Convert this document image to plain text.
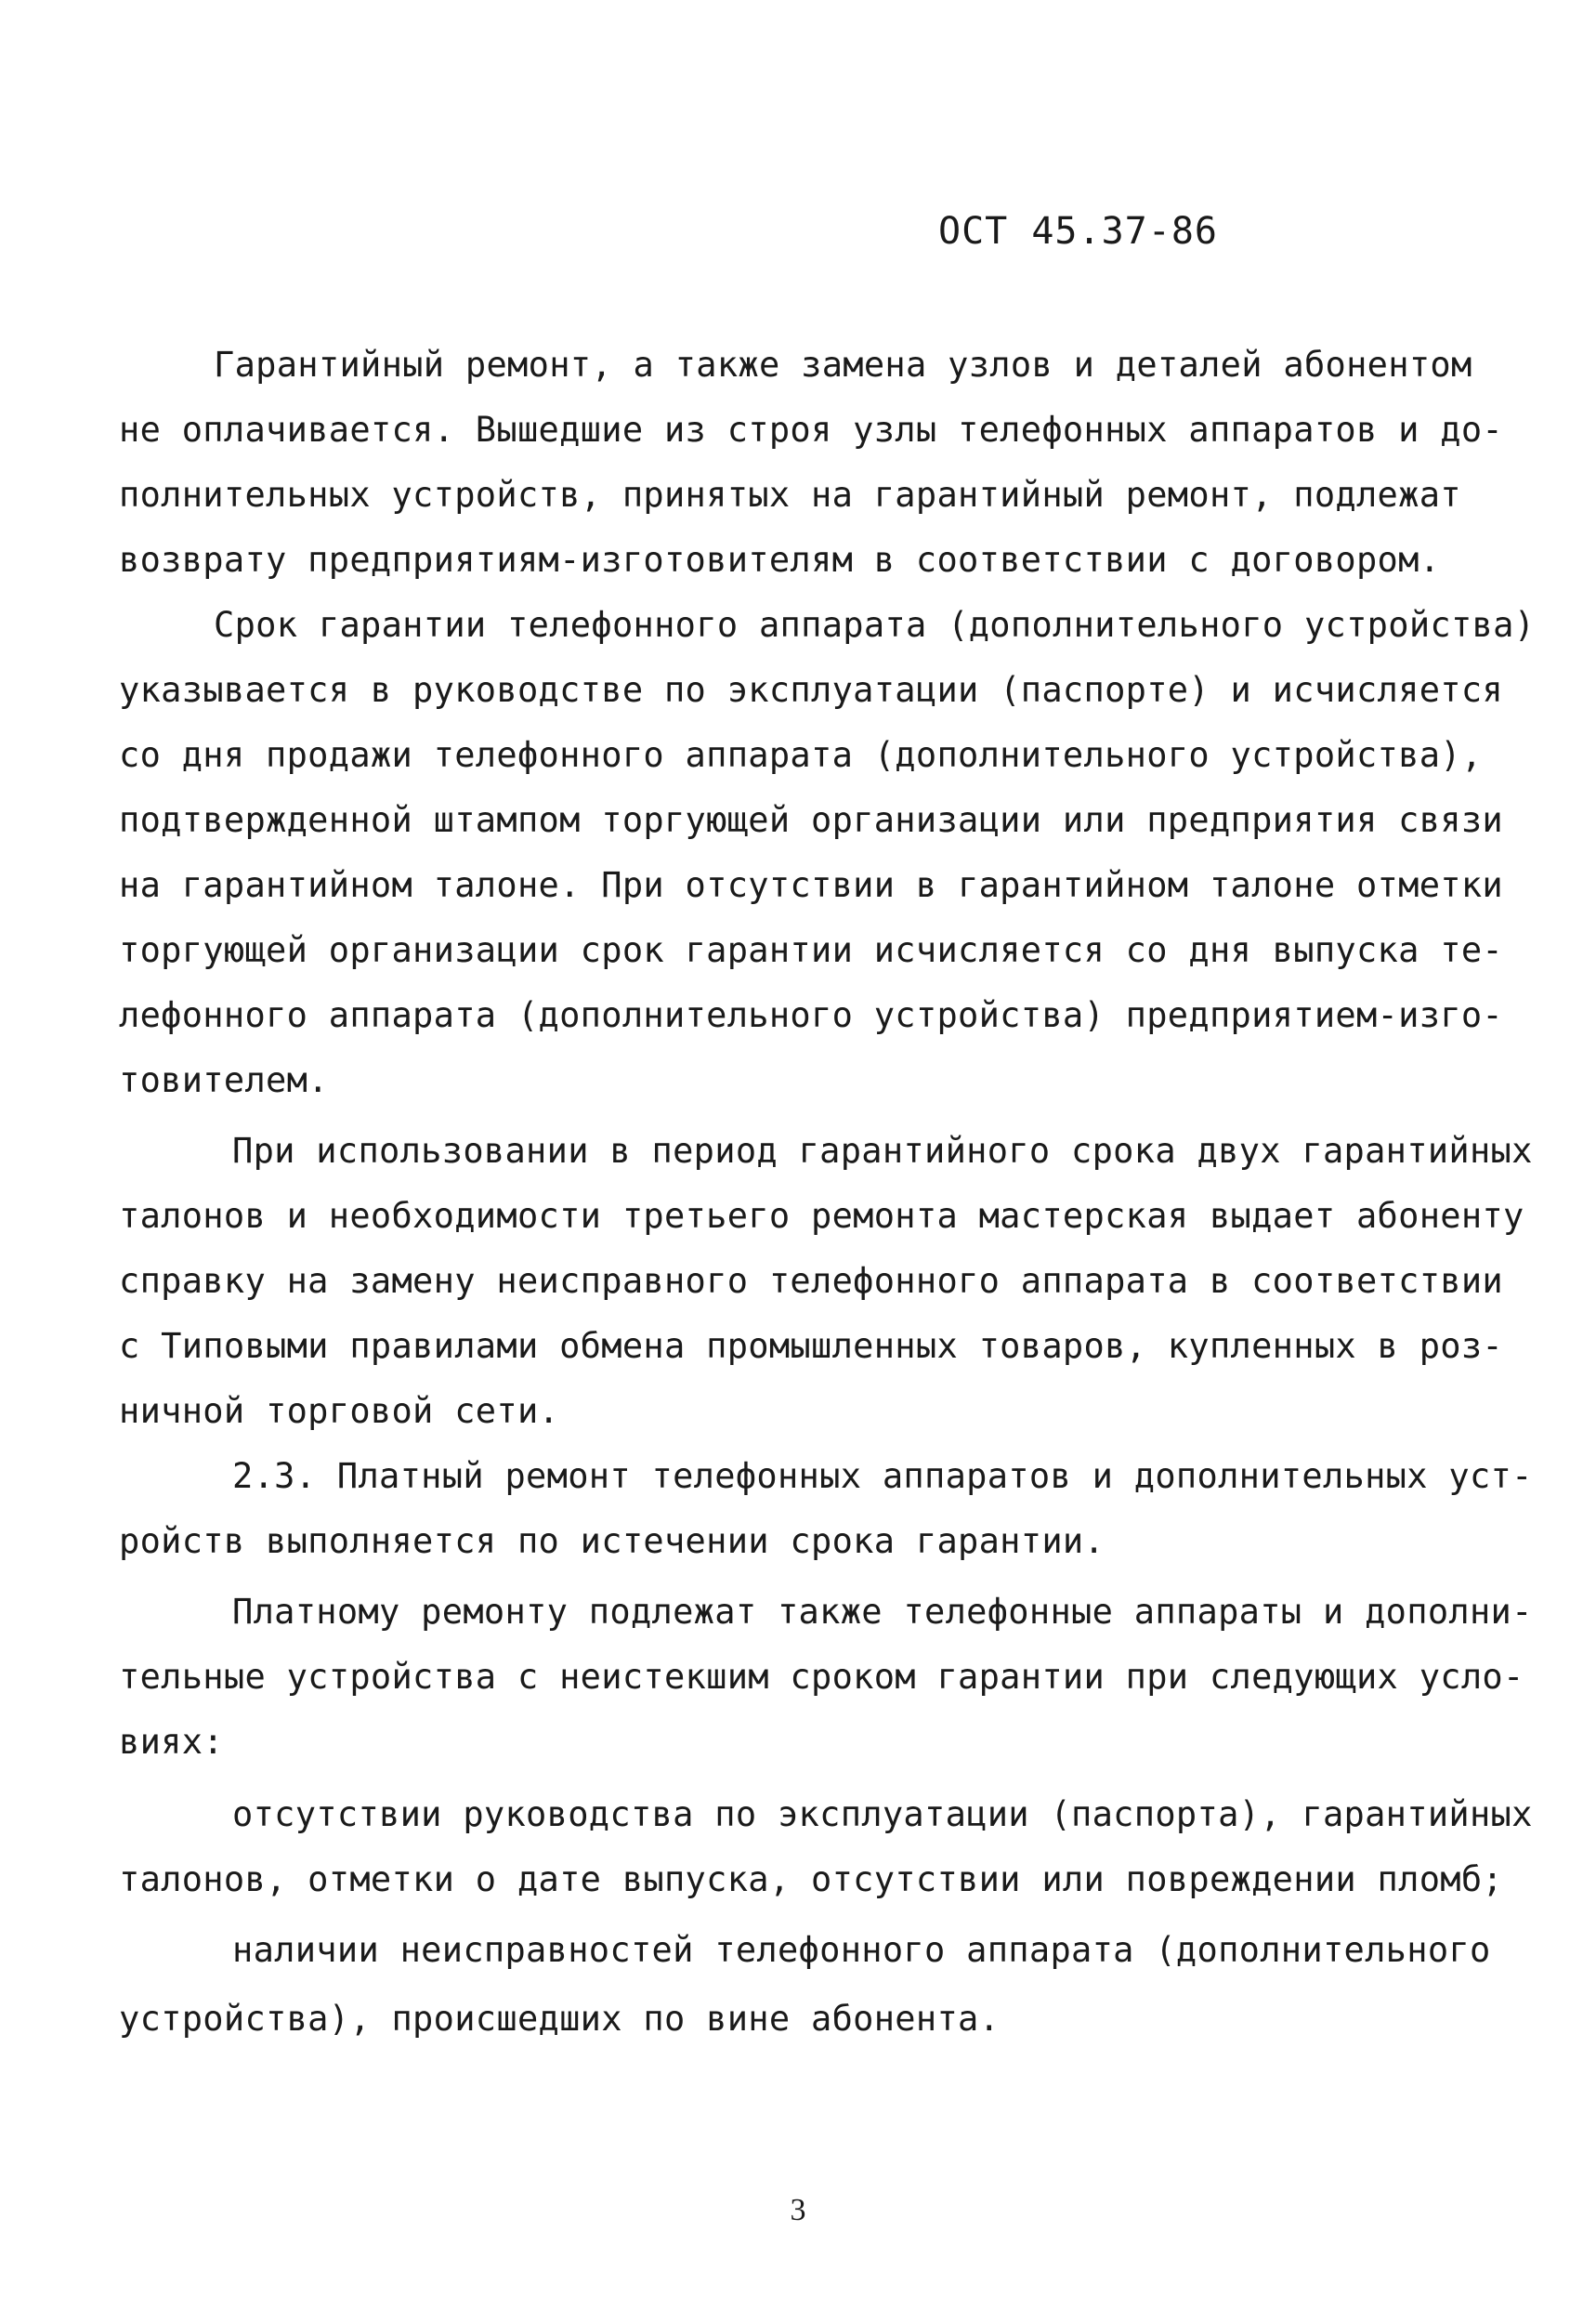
ОСТ 45.37-86
Гарантийный ремонт, а также замена узлов и деталей абонентом
не оплачивается. Вышедшие из строя узлы телефонных аппаратов и до-
полнительных устройств, принятых на гарантийный ремонт, подлежат
возврату предприятиям-изготовителям в соответствии с договором.
Срок гарантии телефонного аппарата (дополнительного устройства)
указывается в руководстве по эксплуатации (паспорте) и исчисляется
со дня продажи телефонного аппарата (дополнительного устройства),
подтвержденной штампом торгующей организации или предприятия связи
на гарантийном талоне. При отсутствии в гарантийном талоне отметки
торгующей организации срок гарантии исчисляется со дня выпуска те-
лефонного аппарата (дополнительного устройства) предприятием-изго-
товителем.
При использовании в период гарантийного срока двух гарантийных
талонов и необходимости третьего ремонта мастерская выдает абоненту
справку на замену неисправного телефонного аппарата в соответствии
с Типовыми правилами обмена промышленных товаров, купленных в роз-
ничной торговой сети.
2.3. Платный ремонт телефонных аппаратов и дополнительных уст-
ройств выполняется по истечении срока гарантии.
Платному ремонту подлежат также телефонные аппараты и дополни-
тельные устройства с неистекшим сроком гарантии при следующих усло-
виях:
отсутствии руководства по эксплуатации (паспорта), гарантийных
талонов, отметки о дате выпуска, отсутствии или повреждении пломб;
наличии неисправностей телефонного аппарата (дополнительного
устройства), происшедших по вине абонента.
3
